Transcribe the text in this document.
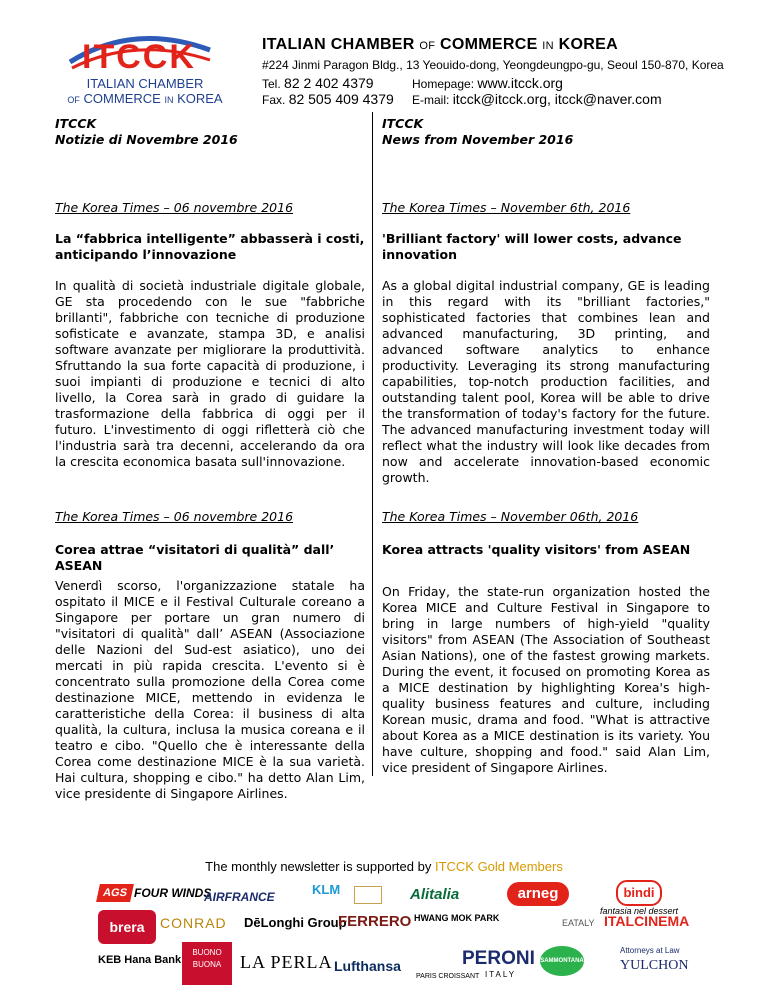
ITCCK
ITALIAN CHAMBER
OF COMMERCE IN KOREA
ITALIAN CHAMBER OF COMMERCE IN KOREA
#224 Jinmi Paragon Bldg., 13 Yeouido-dong, Yeongdeungpo-gu, Seoul 150-870, Korea
Tel. 82 2 402 4379
Fax. 82 505 409 4379
Homepage: www.itcck.org
E-mail: itcck@itcck.org, itcck@naver.com
ITCCK
Notizie di Novembre 2016
The Korea Times – 06 novembre 2016
La “fabbrica intelligente” abbasserà i costi, anticipando l’innovazione
In qualità di società industriale digitale globale, GE sta procedendo con le sue "fabbriche brillanti", fabbriche con tecniche di produzione sofisticate e avanzate, stampa 3D, e analisi software avanzate per migliorare la produttività. Sfruttando la sua forte capacità di produzione, i suoi impianti di produzione e tecnici di alto livello, la Corea sarà in grado di guidare la trasformazione della fabbrica di oggi per il futuro. L'investimento di oggi rifletterà ciò che l'industria sarà tra decenni, accelerando da ora la crescita economica basata sull'innovazione.
The Korea Times – 06 novembre 2016
Corea attrae “visitatori di qualità” dall’ ASEAN
Venerdì scorso, l'organizzazione statale ha ospitato il MICE e il Festival Culturale coreano a Singapore per portare un gran numero di "visitatori di qualità" dall’ ASEAN (Associazione delle Nazioni del Sud-est asiatico), uno dei mercati in più rapida crescita. L'evento si è concentrato sulla promozione della Corea come destinazione MICE, mettendo in evidenza le caratteristiche della Corea: il business di alta qualità, la cultura, inclusa la musica coreana e il teatro e cibo. "Quello che è interessante della Corea come destinazione MICE è la sua varietà. Hai cultura, shopping e cibo." ha detto Alan Lim, vice presidente di Singapore Airlines.
ITCCK
News from November 2016
The Korea Times – November 6th, 2016
'Brilliant factory' will lower costs, advance innovation
As a global digital industrial company, GE is leading in this regard with its "brilliant factories," sophisticated factories that combines lean and advanced manufacturing, 3D printing, and advanced software analytics to enhance productivity. Leveraging its strong manufacturing capabilities, top-notch production facilities, and outstanding talent pool, Korea will be able to drive the transformation of today's factory for the future. The advanced manufacturing investment today will reflect what the industry will look like decades from now and accelerate innovation-based economic growth.
The Korea Times – November 06th, 2016
Korea attracts 'quality visitors' from ASEAN
On Friday, the state-run organization hosted the Korea MICE and Culture Festival in Singapore to bring in large numbers of high-yield "quality visitors" from ASEAN (The Association of Southeast Asian Nations), one of the fastest growing markets. During the event, it focused on promoting Korea as a MICE destination by highlighting Korea's high-quality business features and culture, including Korean music, drama and food. "What is attractive about Korea as a MICE destination is its variety. You have culture, shopping and food." said Alan Lim, vice president of Singapore Airlines.
The monthly newsletter is supported by ITCCK Gold Members
AGS FOUR WINDS
AIRFRANCE	KLM	Alitalia	arneg	bindi
fantasia nel dessert
brera	CONRAD DēLonghi Group
FERRERO HWANG MOK PARK	EATALY ITALCINEMA
KEB Hana Bank
BUONO BUONA	LA PERLA Lufthansa
PARIS CROISSANT
PERONI
ITALY
SAMMONTANA
Attorneys at Law
YULCHON
